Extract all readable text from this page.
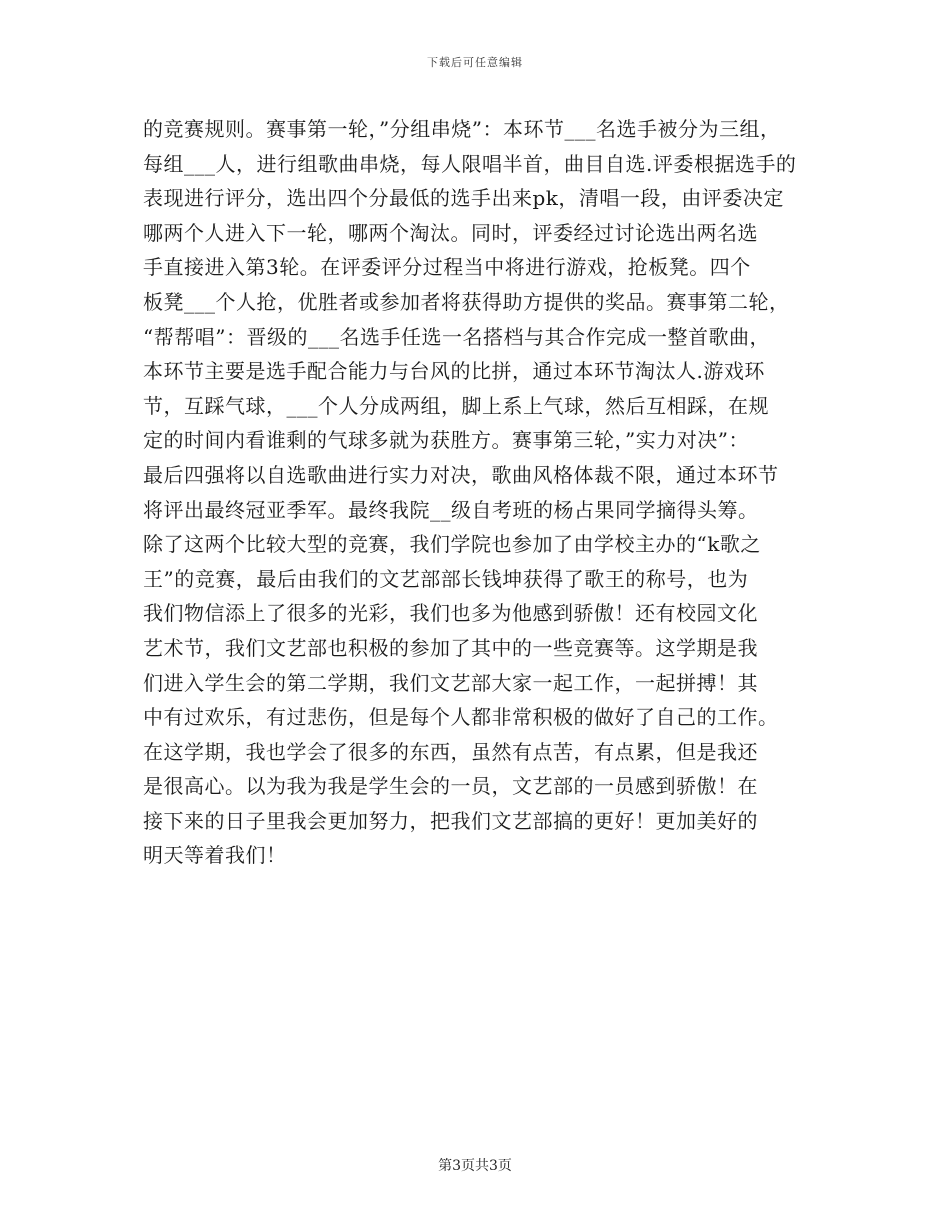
下载后可任意编辑
的竞赛规则。赛事第一轮，”分组串烧”：本环节___名选手被分为三组，
每组___人，进行组歌曲串烧，每人限唱半首，曲目自选.评委根据选手的
表现进行评分，选出四个分最低的选手出来pk，清唱一段，由评委决定
哪两个人进入下一轮，哪两个淘汰。同时，评委经过讨论选出两名选
手直接进入第3轮。在评委评分过程当中将进行游戏，抢板凳。四个
板凳___个人抢，优胜者或参加者将获得助方提供的奖品。赛事第二轮，
“帮帮唱”：晋级的___名选手任选一名搭档与其合作完成一整首歌曲，
本环节主要是选手配合能力与台风的比拼，通过本环节淘汰人.游戏环
节，互踩气球，___个人分成两组，脚上系上气球，然后互相踩，在规
定的时间内看谁剩的气球多就为获胜方。赛事第三轮，”实力对决”：
最后四强将以自选歌曲进行实力对决，歌曲风格体裁不限，通过本环节
将评出最终冠亚季军。最终我院__级自考班的杨占果同学摘得头筹。
除了这两个比较大型的竞赛，我们学院也参加了由学校主办的“k歌之
王”的竞赛，最后由我们的文艺部部长钱坤获得了歌王的称号，也为
我们物信添上了很多的光彩，我们也多为他感到骄傲！还有校园文化
艺术节，我们文艺部也积极的参加了其中的一些竞赛等。这学期是我
们进入学生会的第二学期，我们文艺部大家一起工作，一起拼搏！其
中有过欢乐，有过悲伤，但是每个人都非常积极的做好了自己的工作。
在这学期，我也学会了很多的东西，虽然有点苦，有点累，但是我还
是很高心。以为我为我是学生会的一员，文艺部的一员感到骄傲！在
接下来的日子里我会更加努力，把我们文艺部搞的更好！更加美好的
明天等着我们！
第3页共3页
